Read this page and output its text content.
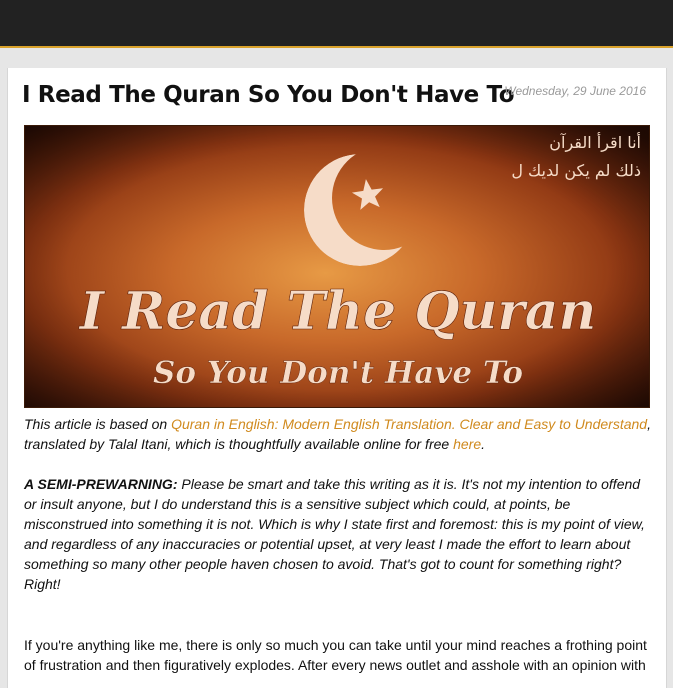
I Read The Quran So You Don't Have To
Wednesday, 29 June 2016
أنا اقرأ القرآن
ذلك لم يكن لديك ل
I Read The Quran
So You Don't Have To

This article is based on Quran in English: Modern English Translation. Clear and Easy to Understand, translated by Talal Itani, which is thoughtfully available online for free here.

A SEMI-PREWARNING: Please be smart and take this writing as it is. It's not my intention to offend or insult anyone, but I do understand this is a sensitive subject which could, at points, be misconstrued into something it is not. Which is why I state first and foremost: this is my point of view, and regardless of any inaccuracies or potential upset, at very least I made the effort to learn about something so many other people haven chosen to avoid. That's got to count for something right? Right!

If you're anything like me, there is only so much you can take until your mind reaches a frothing point of frustration and then figuratively explodes. After every news outlet and asshole with an opinion with
